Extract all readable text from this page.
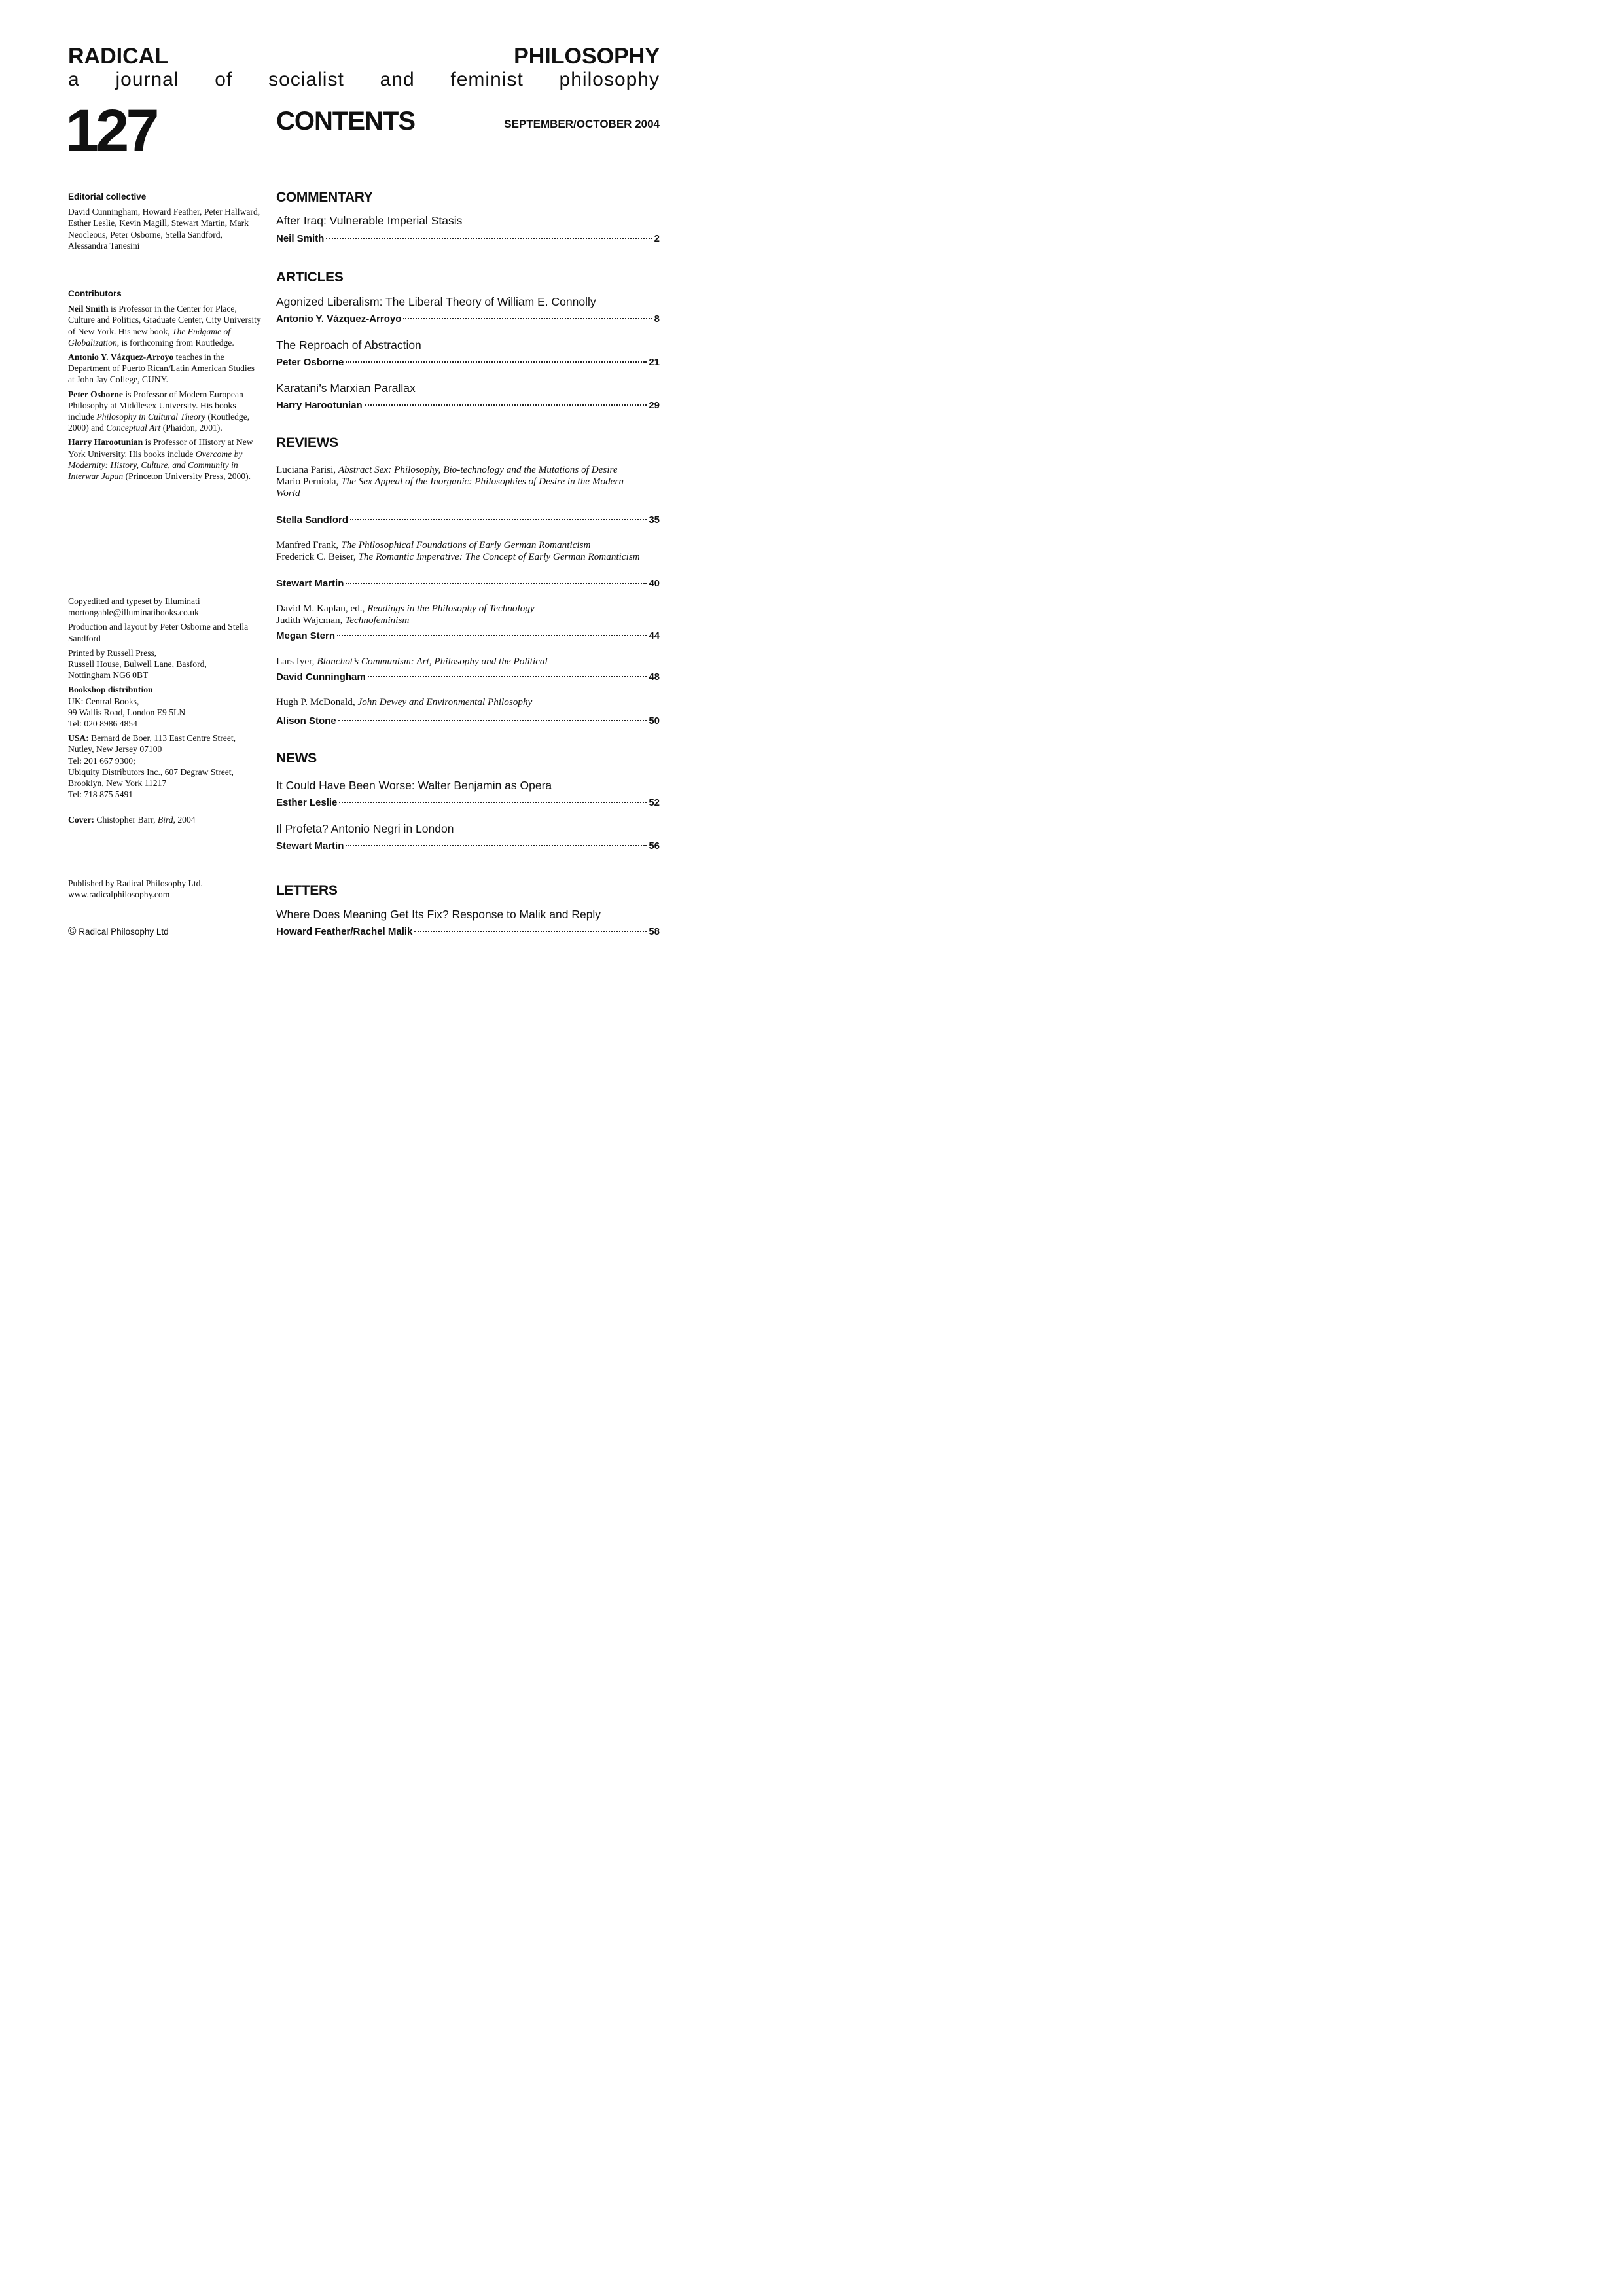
RADICAL PHILOSOPHY
a journal of socialist and feminist philosophy
127	CONTENTS	SEPTEMBER/OCTOBER 2004

Editorial collective

David Cunningham, Howard Feather, Peter Hallward, Esther Leslie, Kevin Magill, Stewart Martin, Mark Neocleous, Peter Osborne, Stella Sandford, Alessandra Tanesini

Contributors

Neil Smith is Professor in the Center for Place, Culture and Politics, Graduate Center, City University of New York. His new book, The Endgame of Globalization, is forthcoming from Routledge.

Antonio Y. Vázquez-Arroyo teaches in the Department of Puerto Rican/Latin American Studies at John Jay College, CUNY.

Peter Osborne is Professor of Modern European Philosophy at Middlesex University. His books include Philosophy in Cultural Theory (Routledge, 2000) and Conceptual Art (Phaidon, 2001).

Harry Harootunian is Professor of History at New York University. His books include Overcome by Modernity: History, Culture, and Community in Interwar Japan (Princeton University Press, 2000).

Copyedited and typeset by Illuminati

mortongable@illuminatibooks.co.uk

Production and layout by Peter Osborne and Stella Sandford

Printed by Russell Press,

Russell House, Bulwell Lane, Basford,

Nottingham NG6 0BT

Bookshop distribution

UK: Central Books,

99 Wallis Road, London E9 5LN

Tel: 020 8986 4854

USA: Bernard de Boer, 113 East Centre Street, Nutley, New Jersey 07100

Tel: 201 667 9300;

Ubiquity Distributors Inc., 607 Degraw Street,

Brooklyn, New York 11217

Tel: 718 875 5491

Cover: Chistopher Barr, Bird, 2004

Published by Radical Philosophy Ltd.

www.radicalphilosophy.com

© Radical Philosophy Ltd
COMMENTARY
After Iraq: Vulnerable Imperial Stasis
Neil Smith	2
ARTICLES
Agonized Liberalism: The Liberal Theory of William E. Connolly
Antonio Y. Vázquez-Arroyo	8
The Reproach of Abstraction
Peter Osborne	21
Karatani’s Marxian Parallax
Harry Harootunian	29
REVIEWS
Luciana Parisi, Abstract Sex: Philosophy, Bio-technology and the Mutations of Desire
Mario Perniola, The Sex Appeal of the Inorganic: Philosophies of Desire in the Modern World
Stella Sandford	35
Manfred Frank, The Philosophical Foundations of Early German Romanticism
Frederick C. Beiser, The Romantic Imperative: The Concept of Early German Romanticism
Stewart Martin	40
David M. Kaplan, ed., Readings in the Philosophy of Technology
Judith Wajcman, Technofeminism
Megan Stern	44
Lars Iyer, Blanchot’s Communism: Art, Philosophy and the Political
David Cunningham	48
Hugh P. McDonald, John Dewey and Environmental Philosophy
Alison Stone	50
NEWS
It Could Have Been Worse: Walter Benjamin as Opera
Esther Leslie	52
Il Profeta? Antonio Negri in London
Stewart Martin	56
LETTERS
Where Does Meaning Get Its Fix? Response to Malik and Reply
Howard Feather/Rachel Malik	58
